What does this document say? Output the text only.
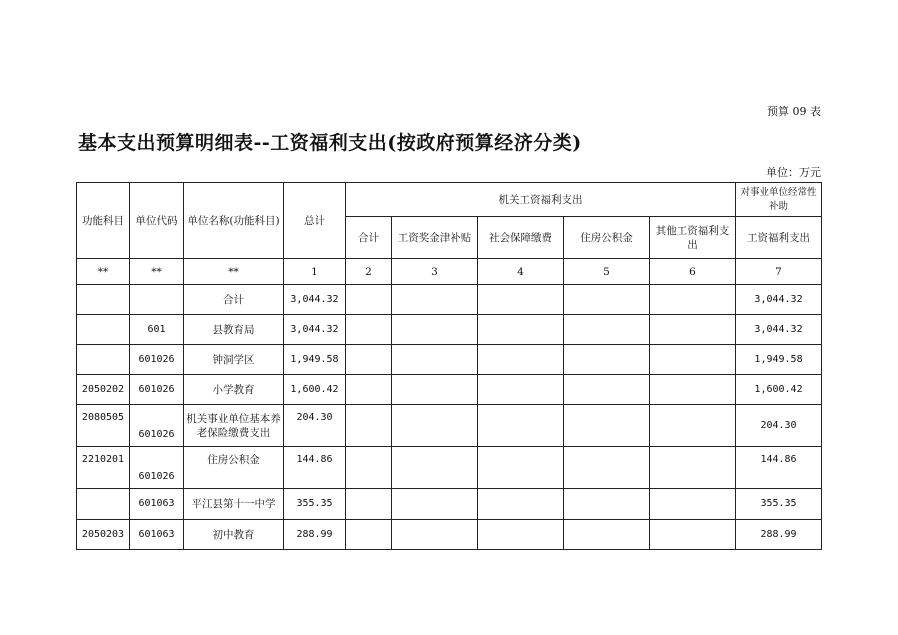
预算 09 表
基本支出预算明细表--工资福利支出(按政府预算经济分类)
单位：万元
功能科目	单位代码	单位名称(功能科目)	总计	机关工资福利支出					对事业单位经常性补助
				合计	工资奖金津补贴	社会保障缴费	住房公积金	其他工资福利支出	工资福利支出
**	**	**	1	2	3	4	5	6	7
		合计	3,044.32						3,044.32
	601	县教育局	3,044.32						3,044.32
	601026	钟洞学区	1,949.58						1,949.58
2050202	601026	小学教育	1,600.42						1,600.42
2080505	601026	机关事业单位基本养老保险缴费支出	204.30						204.30
2210201	601026	住房公积金	144.86						144.86
	601063	平江县第十一中学	355.35						355.35
2050203	601063	初中教育	288.99						288.99
